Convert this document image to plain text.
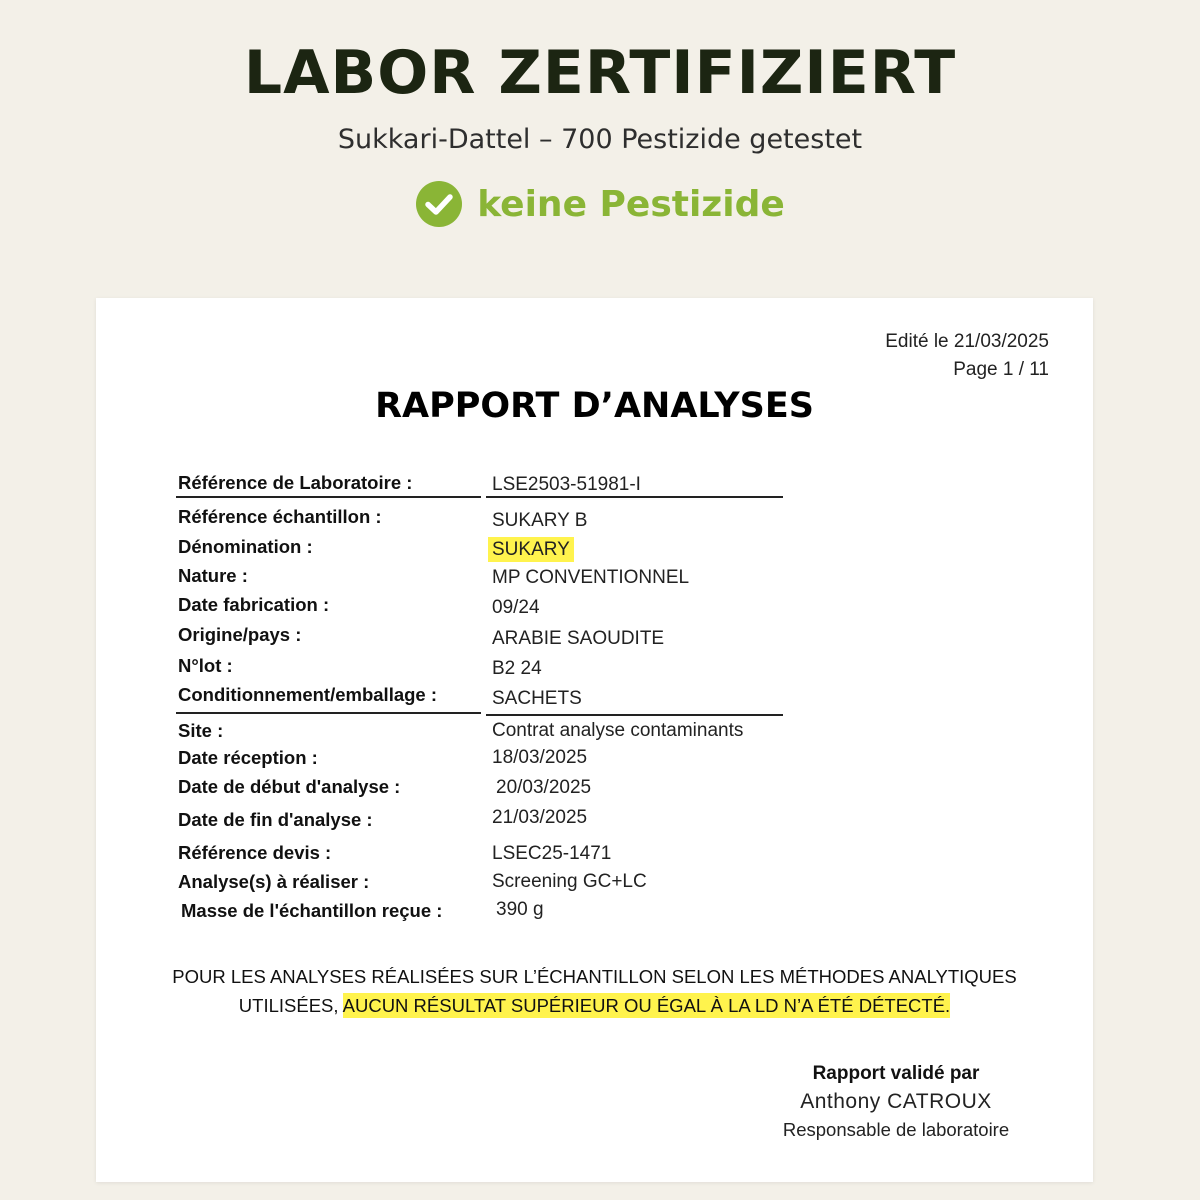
LABOR ZERTIFIZIERT
Sukkari-Dattel – 700 Pestizide getestet
keine Pestizide
Edité le 21/03/2025
Page 1 / 11
RAPPORT D’ANALYSES
Référence de Laboratoire :	LSE2503-51981-I
Référence échantillon :	SUKARY B
Dénomination :	SUKARY
Nature :	MP CONVENTIONNEL
Date fabrication :	09/24
Origine/pays :	ARABIE SAOUDITE
N°lot :	B2 24
Conditionnement/emballage :	SACHETS
Site :	Contrat analyse contaminants
Date réception :	18/03/2025
Date de début d'analyse :	20/03/2025
Date de fin d'analyse :	21/03/2025
Référence devis :	LSEC25-1471
Analyse(s) à réaliser :	Screening GC+LC
Masse de l'échantillon reçue :	390 g
POUR LES ANALYSES RÉALISÉES SUR L’ÉCHANTILLON SELON LES MÉTHODES ANALYTIQUES UTILISÉES, AUCUN RÉSULTAT SUPÉRIEUR OU ÉGAL À LA LD N’A ÉTÉ DÉTECTÉ.
Rapport validé par
Anthony CATROUX
Responsable de laboratoire
